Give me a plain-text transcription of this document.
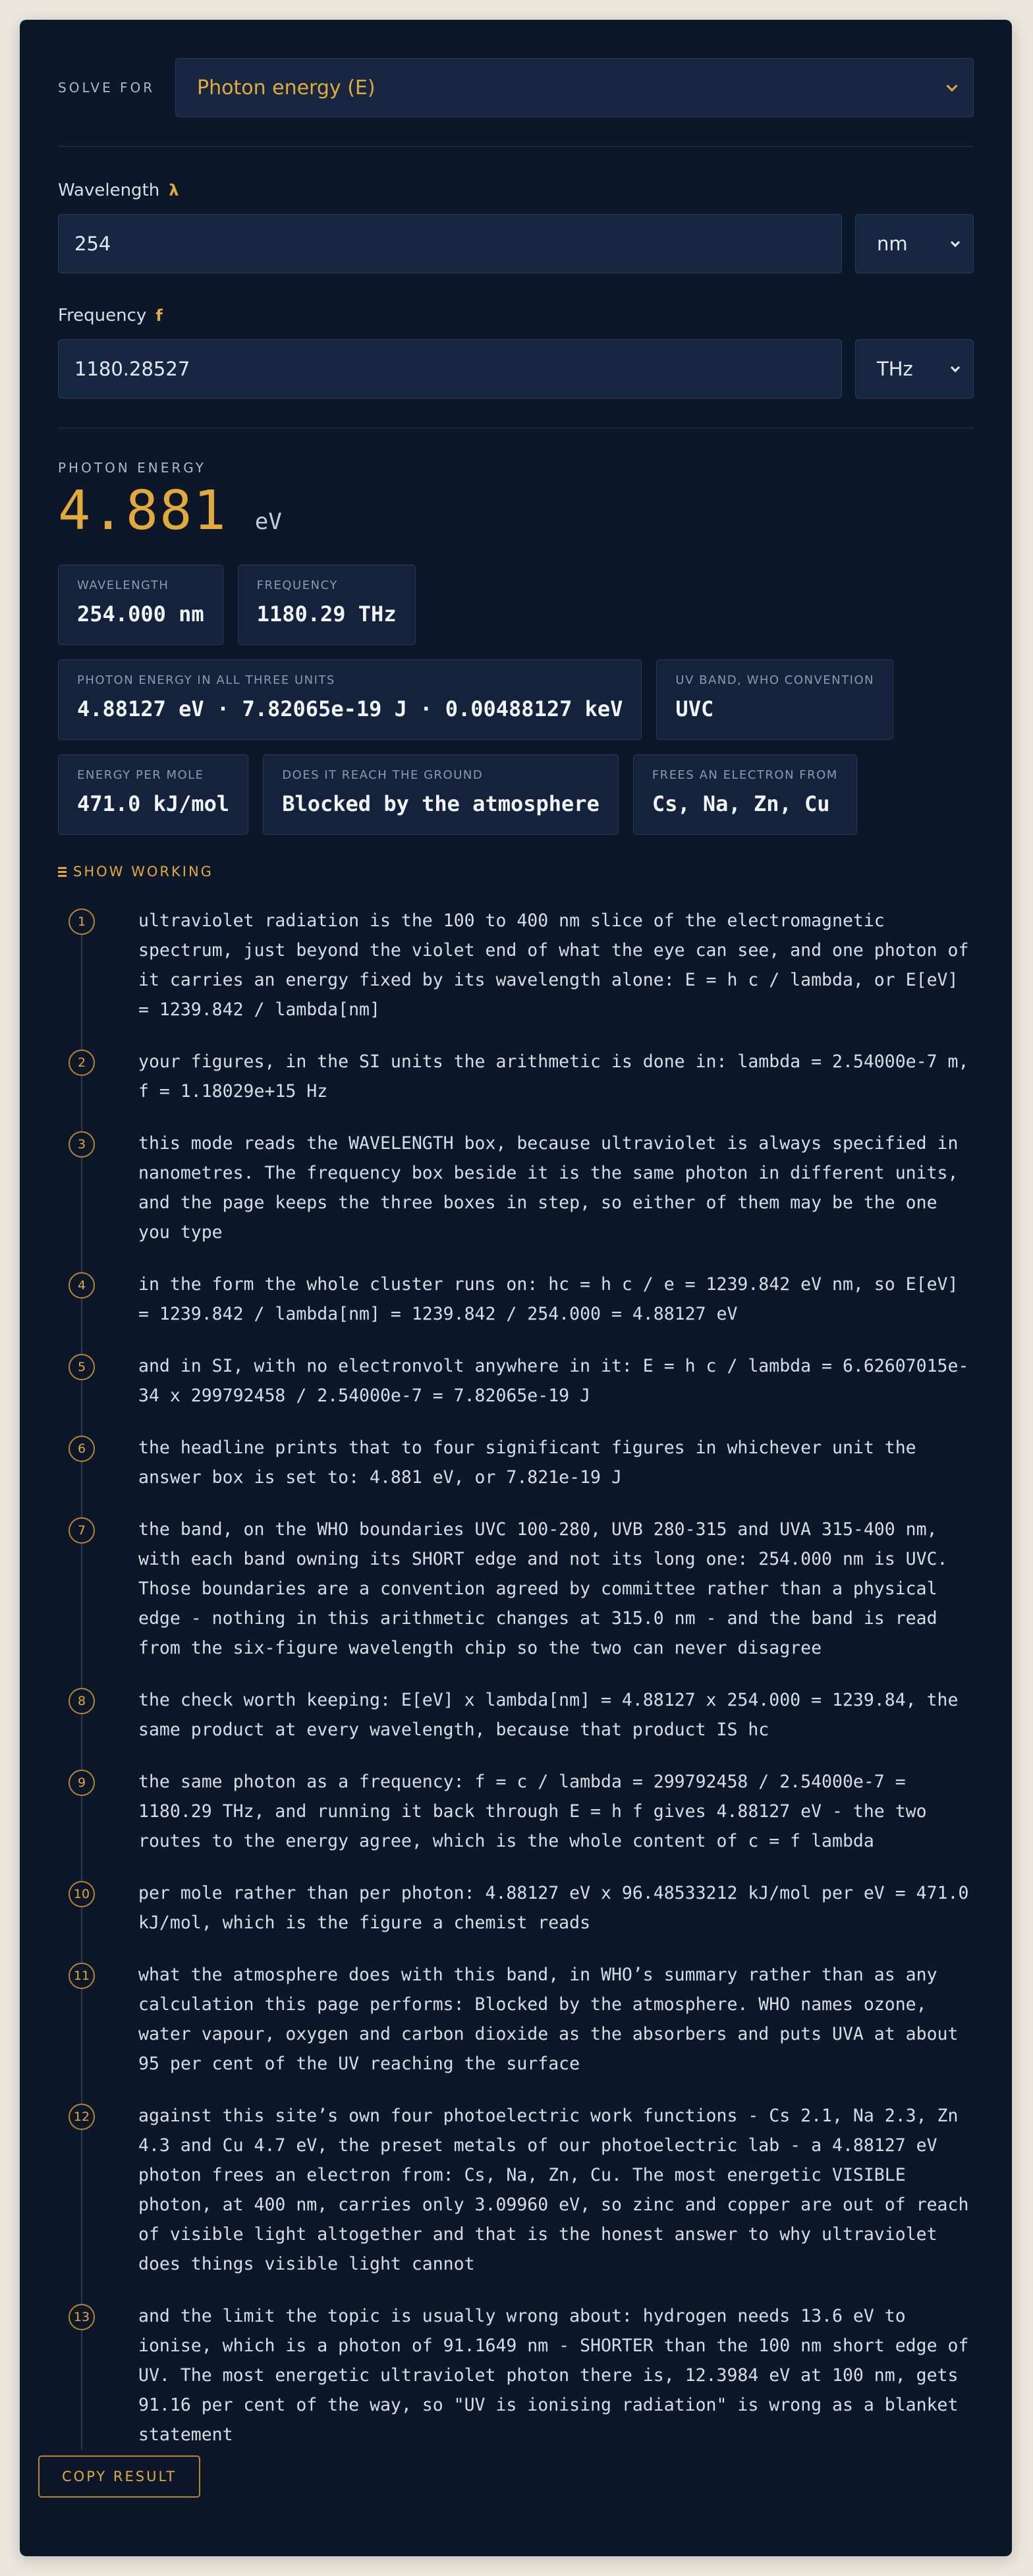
SOLVE FOR	Photon energy (E)
Wavelength λ
254	nm
Frequency f
1180.28527	THz
PHOTON ENERGY
4.881 eV
WAVELENGTH
254.000 nm
FREQUENCY
1180.29 THz
PHOTON ENERGY IN ALL THREE UNITS
4.88127 eV · 7.82065e-19 J · 0.00488127 keV
UV BAND, WHO CONVENTION
UVC
ENERGY PER MOLE
471.0 kJ/mol
DOES IT REACH THE GROUND
Blocked by the atmosphere
FREES AN ELECTRON FROM
Cs, Na, Zn, Cu
SHOW WORKING
1	ultraviolet radiation is the 100 to 400 nm slice of the electromagnetic spectrum, just beyond the violet end of what the eye can see, and one photon of it carries an energy fixed by its wavelength alone: E = h c / lambda, or E[eV] = 1239.842 / lambda[nm]
2	your figures, in the SI units the arithmetic is done in: lambda = 2.54000e-7 m, f = 1.18029e+15 Hz
3	this mode reads the WAVELENGTH box, because ultraviolet is always specified in nanometres. The frequency box beside it is the same photon in different units, and the page keeps the three boxes in step, so either of them may be the one you type
4	in the form the whole cluster runs on: hc = h c / e = 1239.842 eV nm, so E[eV] = 1239.842 / lambda[nm] = 1239.842 / 254.000 = 4.88127 eV
5	and in SI, with no electronvolt anywhere in it: E = h c / lambda = 6.62607015e-34 x 299792458 / 2.54000e-7 = 7.82065e-19 J
6	the headline prints that to four significant figures in whichever unit the answer box is set to: 4.881 eV, or 7.821e-19 J
7	the band, on the WHO boundaries UVC 100-280, UVB 280-315 and UVA 315-400 nm, with each band owning its SHORT edge and not its long one: 254.000 nm is UVC. Those boundaries are a convention agreed by committee rather than a physical edge - nothing in this arithmetic changes at 315.0 nm - and the band is read from the six-figure wavelength chip so the two can never disagree
8	the check worth keeping: E[eV] x lambda[nm] = 4.88127 x 254.000 = 1239.84, the same product at every wavelength, because that product IS hc
9	the same photon as a frequency: f = c / lambda = 299792458 / 2.54000e-7 = 1180.29 THz, and running it back through E = h f gives 4.88127 eV - the two routes to the energy agree, which is the whole content of c = f lambda
10	per mole rather than per photon: 4.88127 eV x 96.48533212 kJ/mol per eV = 471.0 kJ/mol, which is the figure a chemist reads
11	what the atmosphere does with this band, in WHO’s summary rather than as any calculation this page performs: Blocked by the atmosphere. WHO names ozone, water vapour, oxygen and carbon dioxide as the absorbers and puts UVA at about 95 per cent of the UV reaching the surface
12	against this site’s own four photoelectric work functions - Cs 2.1, Na 2.3, Zn 4.3 and Cu 4.7 eV, the preset metals of our photoelectric lab - a 4.88127 eV photon frees an electron from: Cs, Na, Zn, Cu. The most energetic VISIBLE photon, at 400 nm, carries only 3.09960 eV, so zinc and copper are out of reach of visible light altogether and that is the honest answer to why ultraviolet does things visible light cannot
13	and the limit the topic is usually wrong about: hydrogen needs 13.6 eV to ionise, which is a photon of 91.1649 nm - SHORTER than the 100 nm short edge of UV. The most energetic ultraviolet photon there is, 12.3984 eV at 100 nm, gets 91.16 per cent of the way, so "UV is ionising radiation" is wrong as a blanket statement
COPY RESULT
